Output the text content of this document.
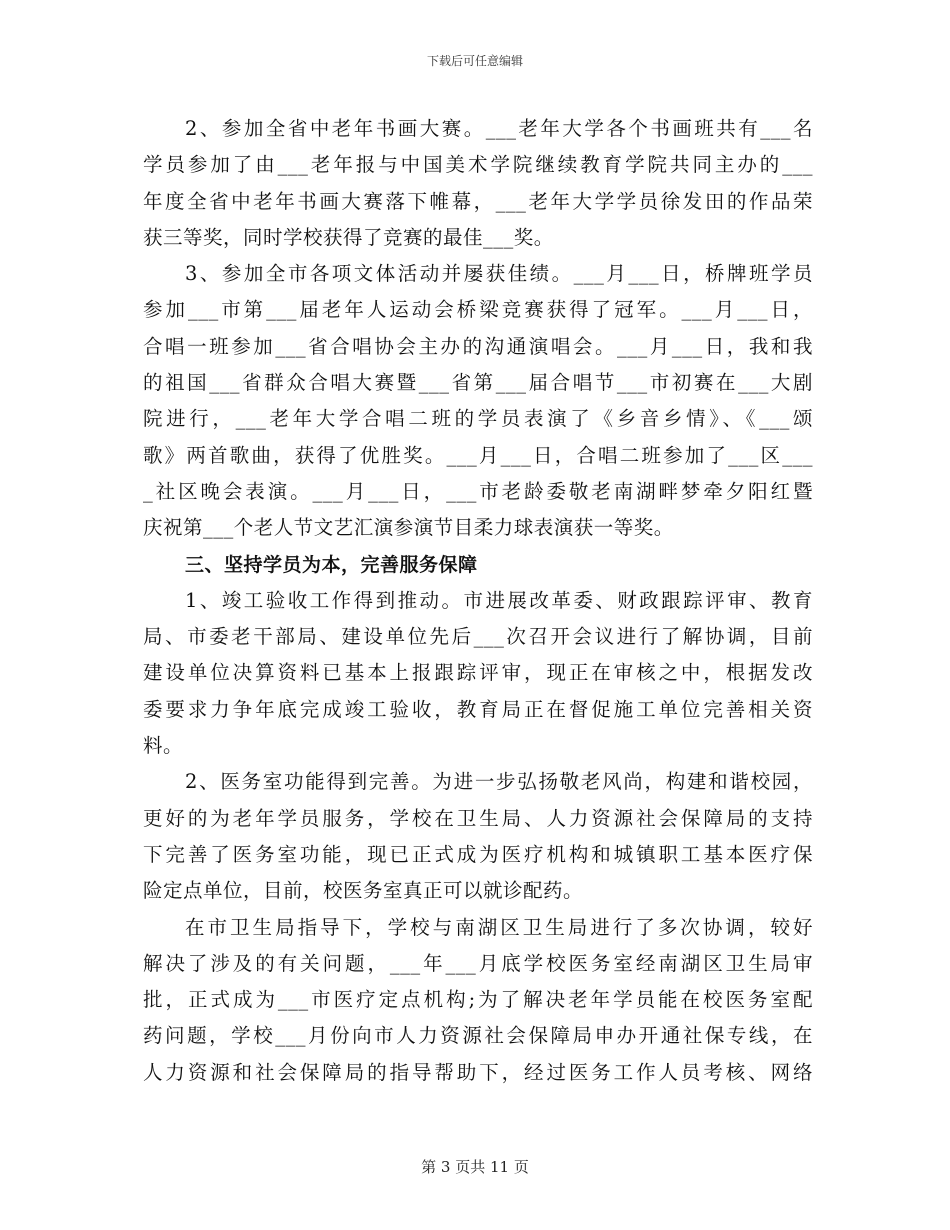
下载后可任意编辑
2、参加全省中老年书画大赛。___老年大学各个书画班共有___名
学员参加了由___老年报与中国美术学院继续教育学院共同主办的___
年度全省中老年书画大赛落下帷幕，___老年大学学员徐发田的作品荣
获三等奖，同时学校获得了竞赛的最佳___奖。
3、参加全市各项文体活动并屡获佳绩。___月___日，桥牌班学员
参加___市第___届老年人运动会桥梁竞赛获得了冠军。___月___日，
合唱一班参加___省合唱协会主办的沟通演唱会。___月___日，我和我
的祖国___省群众合唱大赛暨___省第___届合唱节___市初赛在___大剧
院进行，___老年大学合唱二班的学员表演了《乡音乡情》、《___颂
歌》两首歌曲，获得了优胜奖。___月___日，合唱二班参加了___区___
_社区晚会表演。___月___日，___市老龄委敬老南湖畔梦牵夕阳红暨
庆祝第___个老人节文艺汇演参演节目柔力球表演获一等奖。
三、坚持学员为本，完善服务保障
1、竣工验收工作得到推动。市进展改革委、财政跟踪评审、教育
局、市委老干部局、建设单位先后___次召开会议进行了解协调，目前
建设单位决算资料已基本上报跟踪评审，现正在审核之中，根据发改
委要求力争年底完成竣工验收，教育局正在督促施工单位完善相关资
料。
2、医务室功能得到完善。为进一步弘扬敬老风尚，构建和谐校园，
更好的为老年学员服务，学校在卫生局、人力资源社会保障局的支持
下完善了医务室功能，现已正式成为医疗机构和城镇职工基本医疗保
险定点单位，目前，校医务室真正可以就诊配药。
在市卫生局指导下，学校与南湖区卫生局进行了多次协调，较好
解决了涉及的有关问题，___年___月底学校医务室经南湖区卫生局审
批，正式成为___市医疗定点机构;为了解决老年学员能在校医务室配
药问题，学校___月份向市人力资源社会保障局申办开通社保专线，在
人力资源和社会保障局的指导帮助下，经过医务工作人员考核、网络
第 3 页共 11 页
